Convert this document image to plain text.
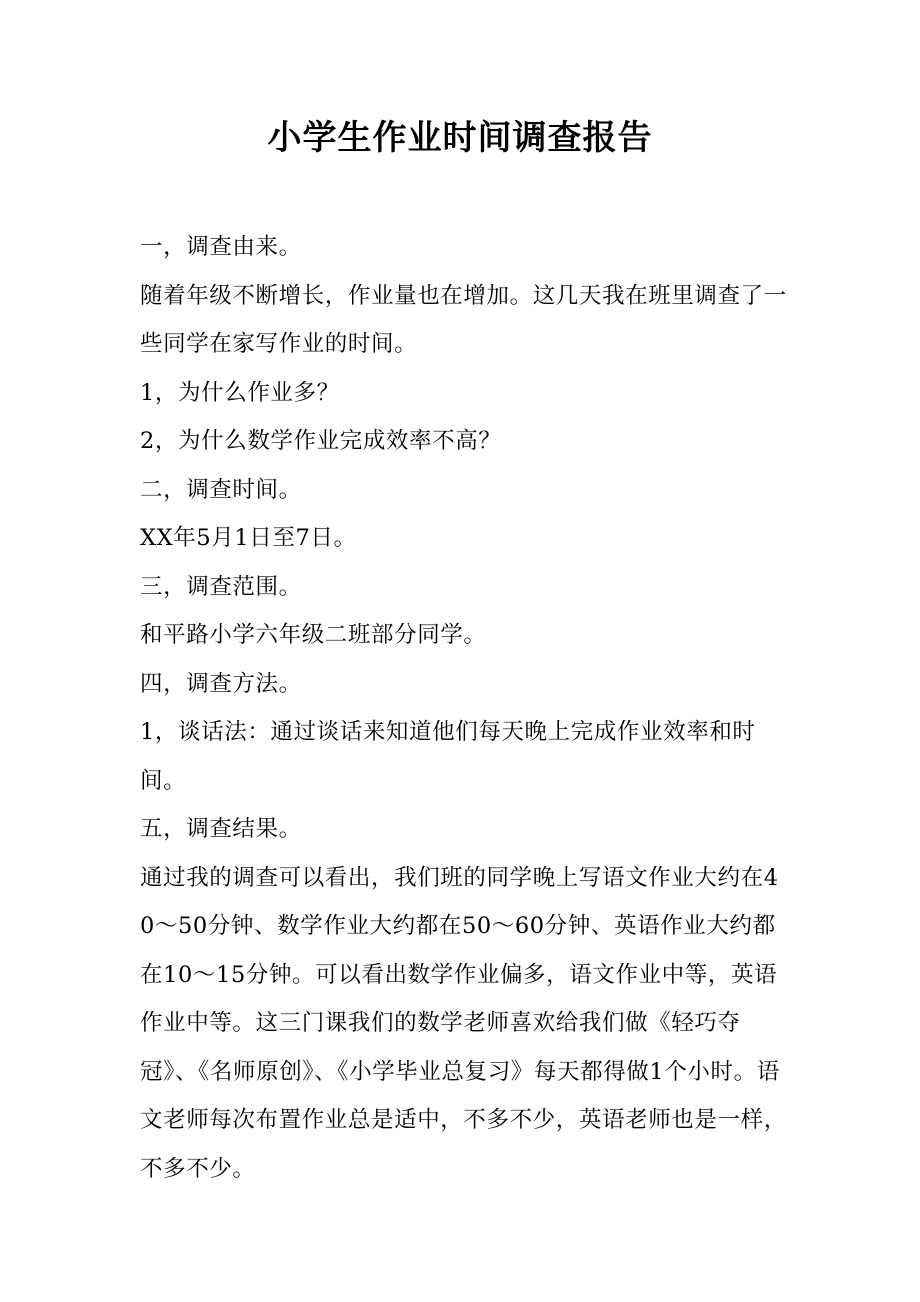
小学生作业时间调查报告

一，调查由来。

随着年级不断增长，作业量也在增加。这几天我在班里调查了一些同学在家写作业的时间。

1，为什么作业多？

2，为什么数学作业完成效率不高？

二，调查时间。

XX年5月1日至7日。

三，调查范围。

和平路小学六年级二班部分同学。

四，调查方法。

1，谈话法：通过谈话来知道他们每天晚上完成作业效率和时间。

五，调查结果。

通过我的调查可以看出，我们班的同学晚上写语文作业大约在40～50分钟、数学作业大约都在50～60分钟、英语作业大约都在10～15分钟。可以看出数学作业偏多，语文作业中等，英语作业中等。这三门课我们的数学老师喜欢给我们做《轻巧夺冠》、《名师原创》、《小学毕业总复习》每天都得做1个小时。语文老师每次布置作业总是适中，不多不少，英语老师也是一样，不多不少。
